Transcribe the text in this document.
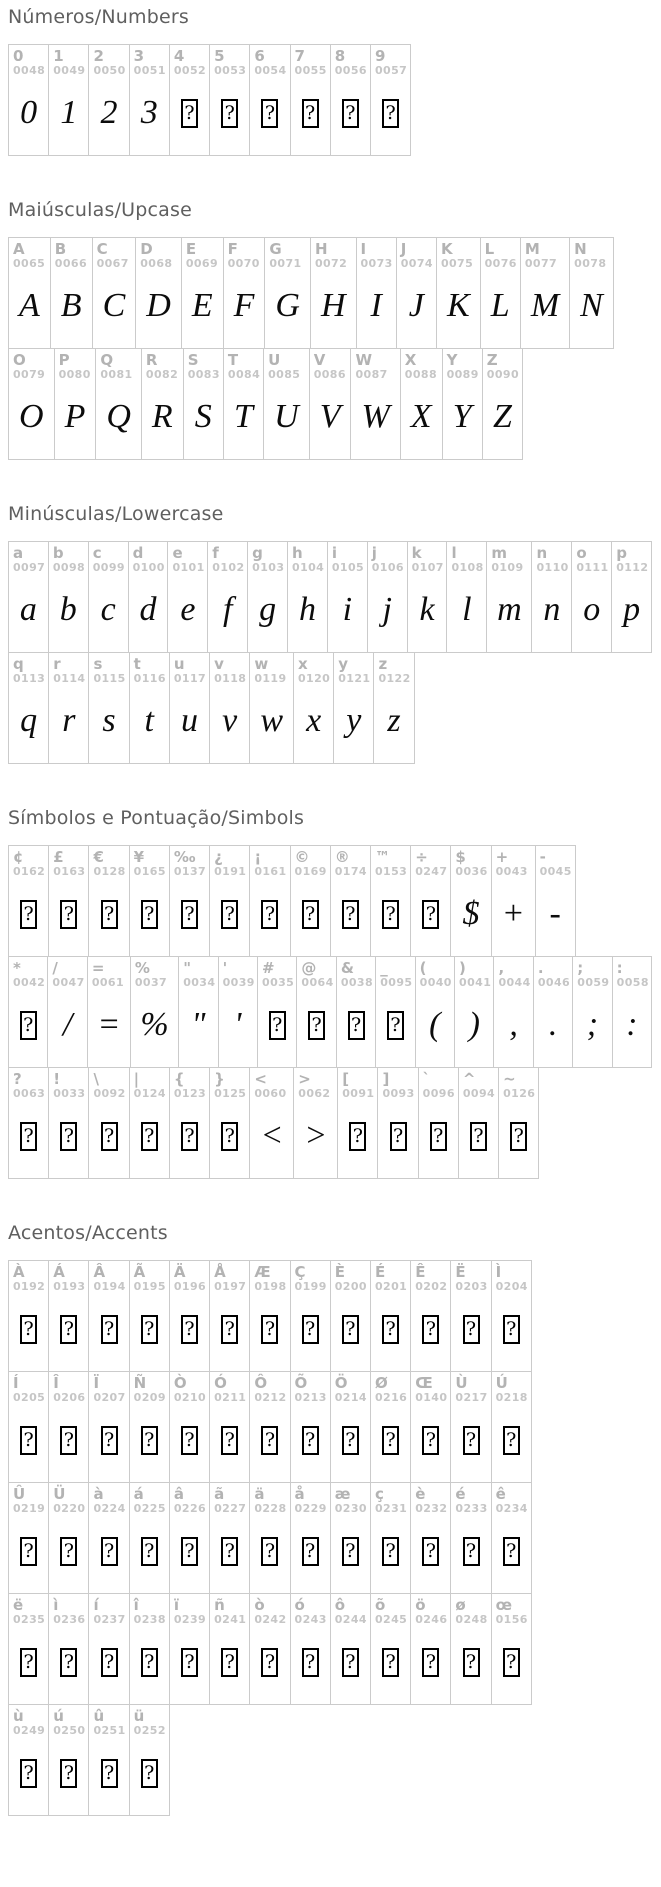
Números/Numbers
0
0048
0
1
0049
1
2
0050
2
3
0051
3
4
0052
?
5
0053
?
6
0054
?
7
0055
?
8
0056
?
9
0057
?
Maiúsculas/Upcase
A
0065
A
B
0066
B
C
0067
C
D
0068
D
E
0069
E
F
0070
F
G
0071
G
H
0072
H
I
0073
I
J
0074
J
K
0075
K
L
0076
L
M
0077
M
N
0078
N
O
0079
O
P
0080
P
Q
0081
Q
R
0082
R
S
0083
S
T
0084
T
U
0085
U
V
0086
V
W
0087
W
X
0088
X
Y
0089
Y
Z
0090
Z
Minúsculas/Lowercase
a
0097
a
b
0098
b
c
0099
c
d
0100
d
e
0101
e
f
0102
f
g
0103
g
h
0104
h
i
0105
i
j
0106
j
k
0107
k
l
0108
l
m
0109
m
n
0110
n
o
0111
o
p
0112
p
q
0113
q
r
0114
r
s
0115
s
t
0116
t
u
0117
u
v
0118
v
w
0119
w
x
0120
x
y
0121
y
z
0122
z
Símbolos e Pontuação/Simbols
¢
0162
?
£
0163
?
€
0128
?
¥
0165
?
‰
0137
?
¿
0191
?
¡
0161
?
©
0169
?
®
0174
?
™
0153
?
÷
0247
?
$
0036
$
+
0043
+
-
0045
-
*
0042
?
/
0047
/
=
0061
=
%
0037
%
"
0034
"
'
0039
'
#
0035
?
@
0064
?
&
0038
?
_
0095
?
(
0040
(
)
0041
)
,
0044
,
.
0046
.
;
0059
;
:
0058
:
?
0063
?
!
0033
?
\
0092
?
|
0124
?
{
0123
?
}
0125
?
<
0060
<
>
0062
>
[
0091
?
]
0093
?
`
0096
?
^
0094
?
~
0126
?
Acentos/Accents
À
0192
?
Á
0193
?
Â
0194
?
Ã
0195
?
Ä
0196
?
Å
0197
?
Æ
0198
?
Ç
0199
?
È
0200
?
É
0201
?
Ê
0202
?
Ë
0203
?
Ì
0204
?
Í
0205
?
Î
0206
?
Ï
0207
?
Ñ
0209
?
Ò
0210
?
Ó
0211
?
Ô
0212
?
Õ
0213
?
Ö
0214
?
Ø
0216
?
Œ
0140
?
Ù
0217
?
Ú
0218
?
Û
0219
?
Ü
0220
?
à
0224
?
á
0225
?
â
0226
?
ã
0227
?
ä
0228
?
å
0229
?
æ
0230
?
ç
0231
?
è
0232
?
é
0233
?
ê
0234
?
ë
0235
?
ì
0236
?
í
0237
?
î
0238
?
ï
0239
?
ñ
0241
?
ò
0242
?
ó
0243
?
ô
0244
?
õ
0245
?
ö
0246
?
ø
0248
?
œ
0156
?
ù
0249
?
ú
0250
?
û
0251
?
ü
0252
?
